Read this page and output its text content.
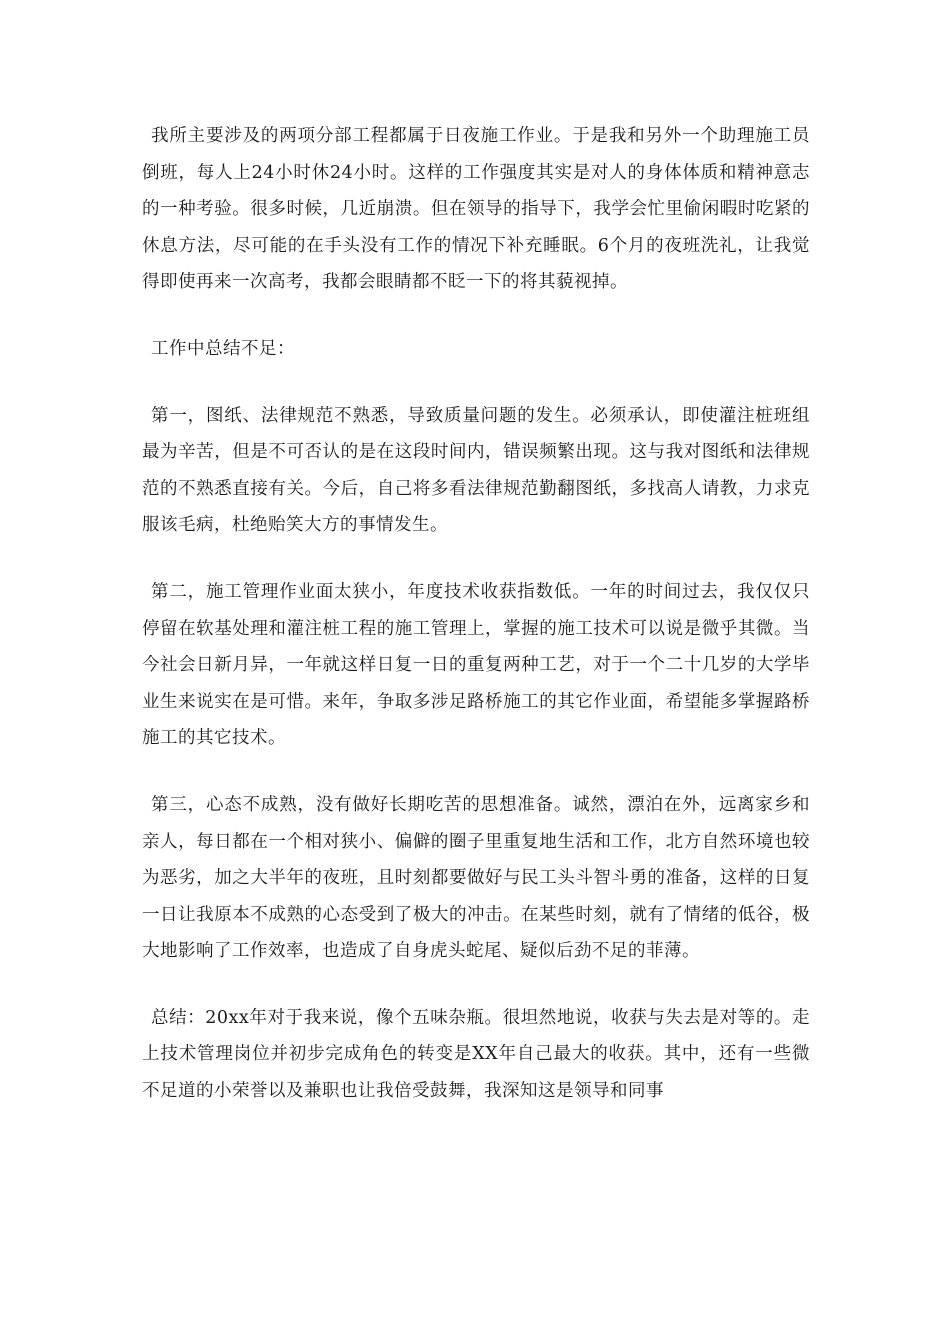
我所主要涉及的两项分部工程都属于日夜施工作业。于是我和另外一个助理施工员倒班，每人上24小时休24小时。这样的工作强度其实是对人的身体体质和精神意志的一种考验。很多时候，几近崩溃。但在领导的指导下，我学会忙里偷闲暇时吃紧的休息方法，尽可能的在手头没有工作的情况下补充睡眠。6个月的夜班洗礼，让我觉得即使再来一次高考，我都会眼睛都不眨一下的将其藐视掉。

工作中总结不足：

第一，图纸、法律规范不熟悉，导致质量问题的发生。必须承认，即使灌注桩班组最为辛苦，但是不可否认的是在这段时间内，错误频繁出现。这与我对图纸和法律规范的不熟悉直接有关。今后，自己将多看法律规范勤翻图纸，多找高人请教，力求克服该毛病，杜绝贻笑大方的事情发生。

第二，施工管理作业面太狭小，年度技术收获指数低。一年的时间过去，我仅仅只停留在软基处理和灌注桩工程的施工管理上，掌握的施工技术可以说是微乎其微。当今社会日新月异，一年就这样日复一日的重复两种工艺，对于一个二十几岁的大学毕业生来说实在是可惜。来年，争取多涉足路桥施工的其它作业面，希望能多掌握路桥施工的其它技术。

第三，心态不成熟，没有做好长期吃苦的思想准备。诚然，漂泊在外，远离家乡和亲人，每日都在一个相对狭小、偏僻的圈子里重复地生活和工作，北方自然环境也较为恶劣，加之大半年的夜班，且时刻都要做好与民工头斗智斗勇的准备，这样的日复一日让我原本不成熟的心态受到了极大的冲击。在某些时刻，就有了情绪的低谷，极大地影响了工作效率，也造成了自身虎头蛇尾、疑似后劲不足的菲薄。

总结：20xx年对于我来说，像个五味杂瓶。很坦然地说，收获与失去是对等的。走上技术管理岗位并初步完成角色的转变是XX年自己最大的收获。其中，还有一些微不足道的小荣誉以及兼职也让我倍受鼓舞，我深知这是领导和同事
